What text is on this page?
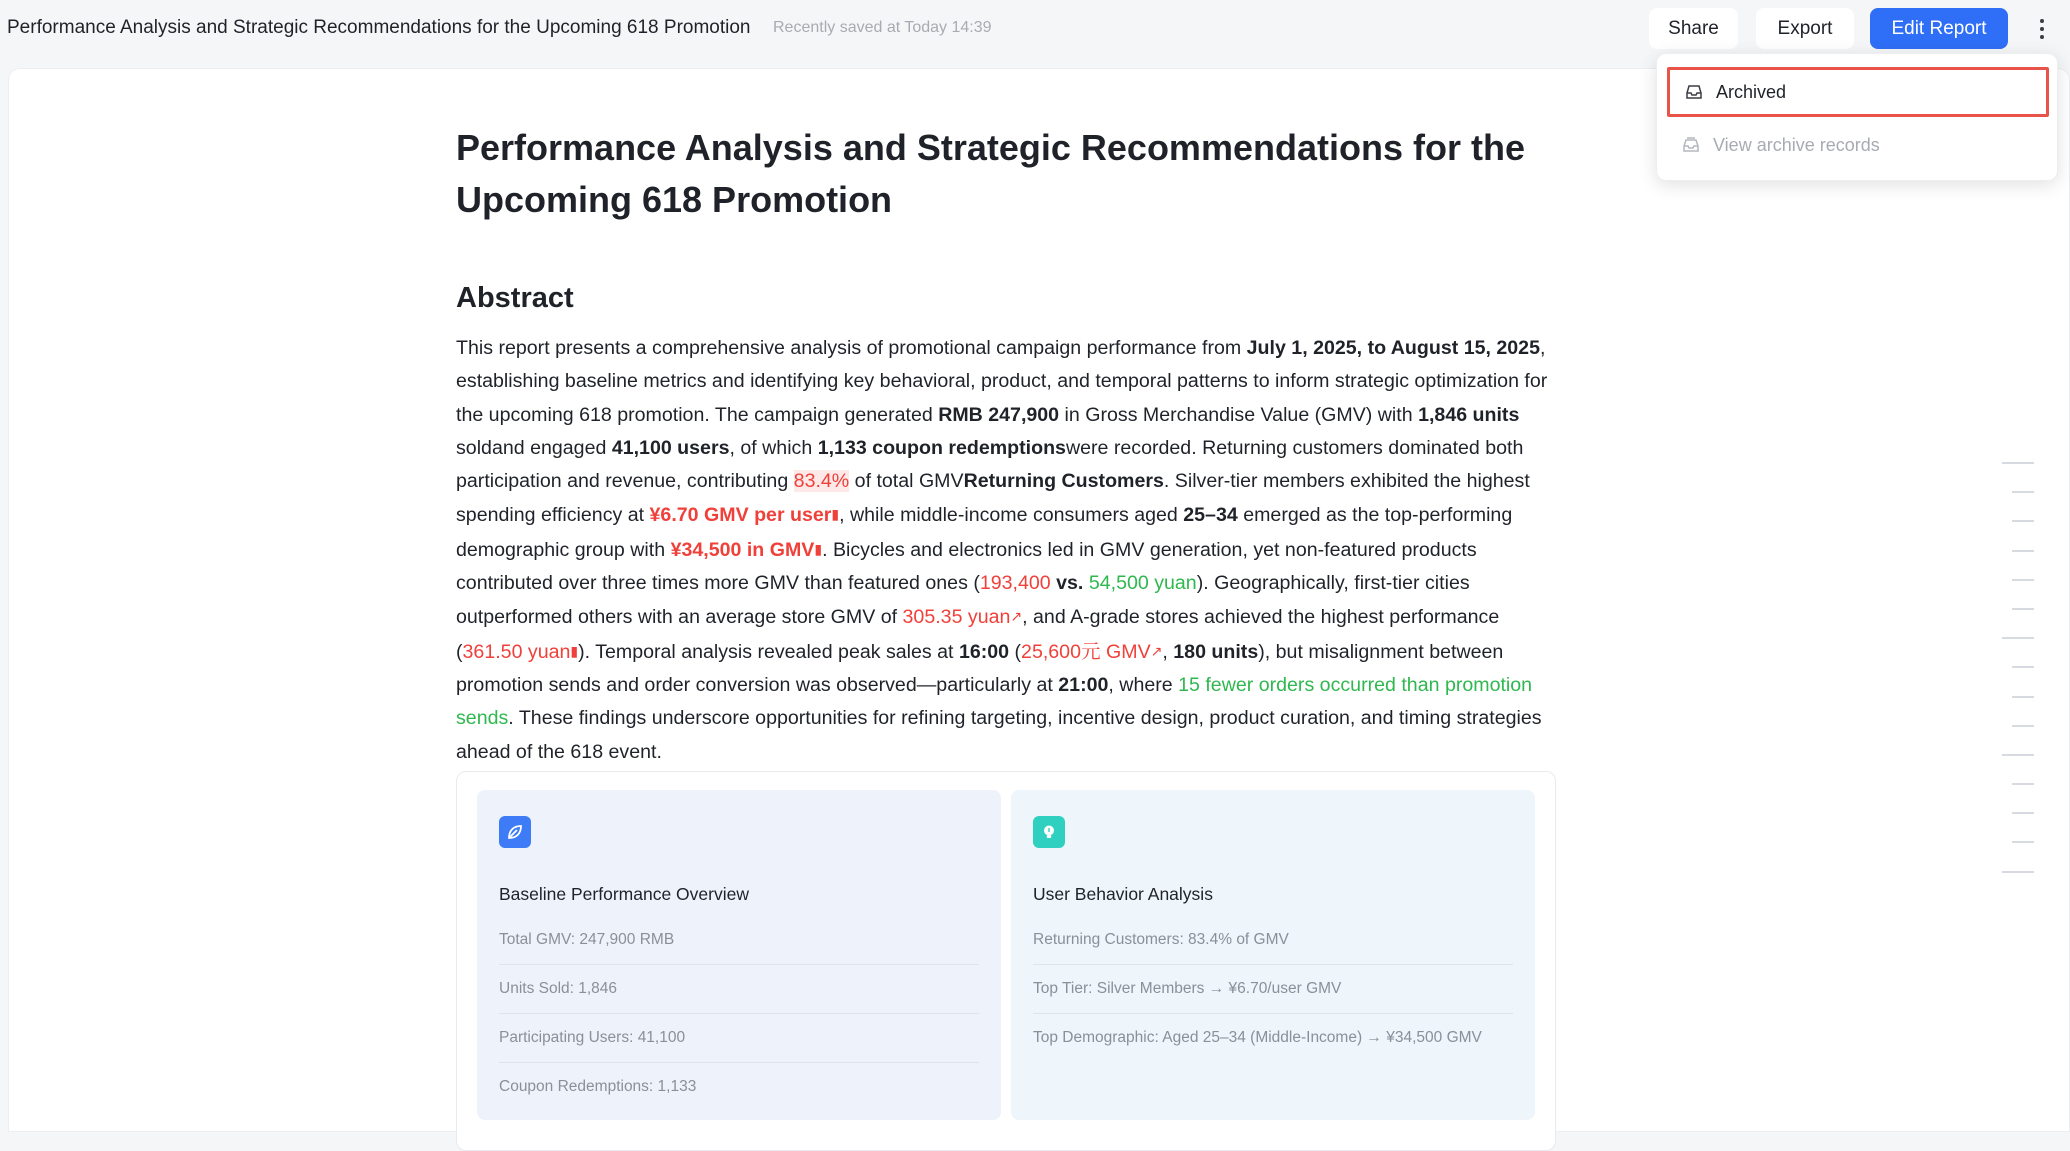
Performance Analysis and Strategic Recommendations for the Upcoming 618 Promotion Recently saved at Today 14:39	Share	Export	Edit Report
Performance Analysis and Strategic Recommendations for the Upcoming 618 Promotion
Abstract

This report presents a comprehensive analysis of promotional campaign performance from July 1, 2025, to August 15, 2025, establishing baseline metrics and identifying key behavioral, product, and temporal patterns to inform strategic optimization for the upcoming 618 promotion. The campaign generated RMB 247,900 in Gross Merchandise Value (GMV) with 1,846 units soldand engaged 41,100 users, of which 1,133 coupon redemptionswere recorded. Returning customers dominated both participation and revenue, contributing 83.4% of total GMVReturning Customers. Silver-tier members exhibited the highest spending efficiency at ¥6.70 GMV per user▮, while middle-income consumers aged 25–34 emerged as the top-performing demographic group with ¥34,500 in GMV▮. Bicycles and electronics led in GMV generation, yet non-featured products contributed over three times more GMV than featured ones (193,400 vs. 54,500 yuan). Geographically, first-tier cities outperformed others with an average store GMV of 305.35 yuan↗, and A-grade stores achieved the highest performance (361.50 yuan▮). Temporal analysis revealed peak sales at 16:00 (25,600元 GMV↗, 180 units), but misalignment between promotion sends and order conversion was observed—particularly at 21:00, where 15 fewer orders occurred than promotion sends. These findings underscore opportunities for refining targeting, incentive design, product curation, and timing strategies ahead of the 618 event.

Baseline Performance Overview
Total GMV: 247,900 RMB
Units Sold: 1,846
Participating Users: 41,100
Coupon Redemptions: 1,133
User Behavior Analysis
Returning Customers: 83.4% of GMV
Top Tier: Silver Members → ¥6.70/user GMV
Top Demographic: Aged 25–34 (Middle-Income) → ¥34,500 GMV
Archived
View archive records
